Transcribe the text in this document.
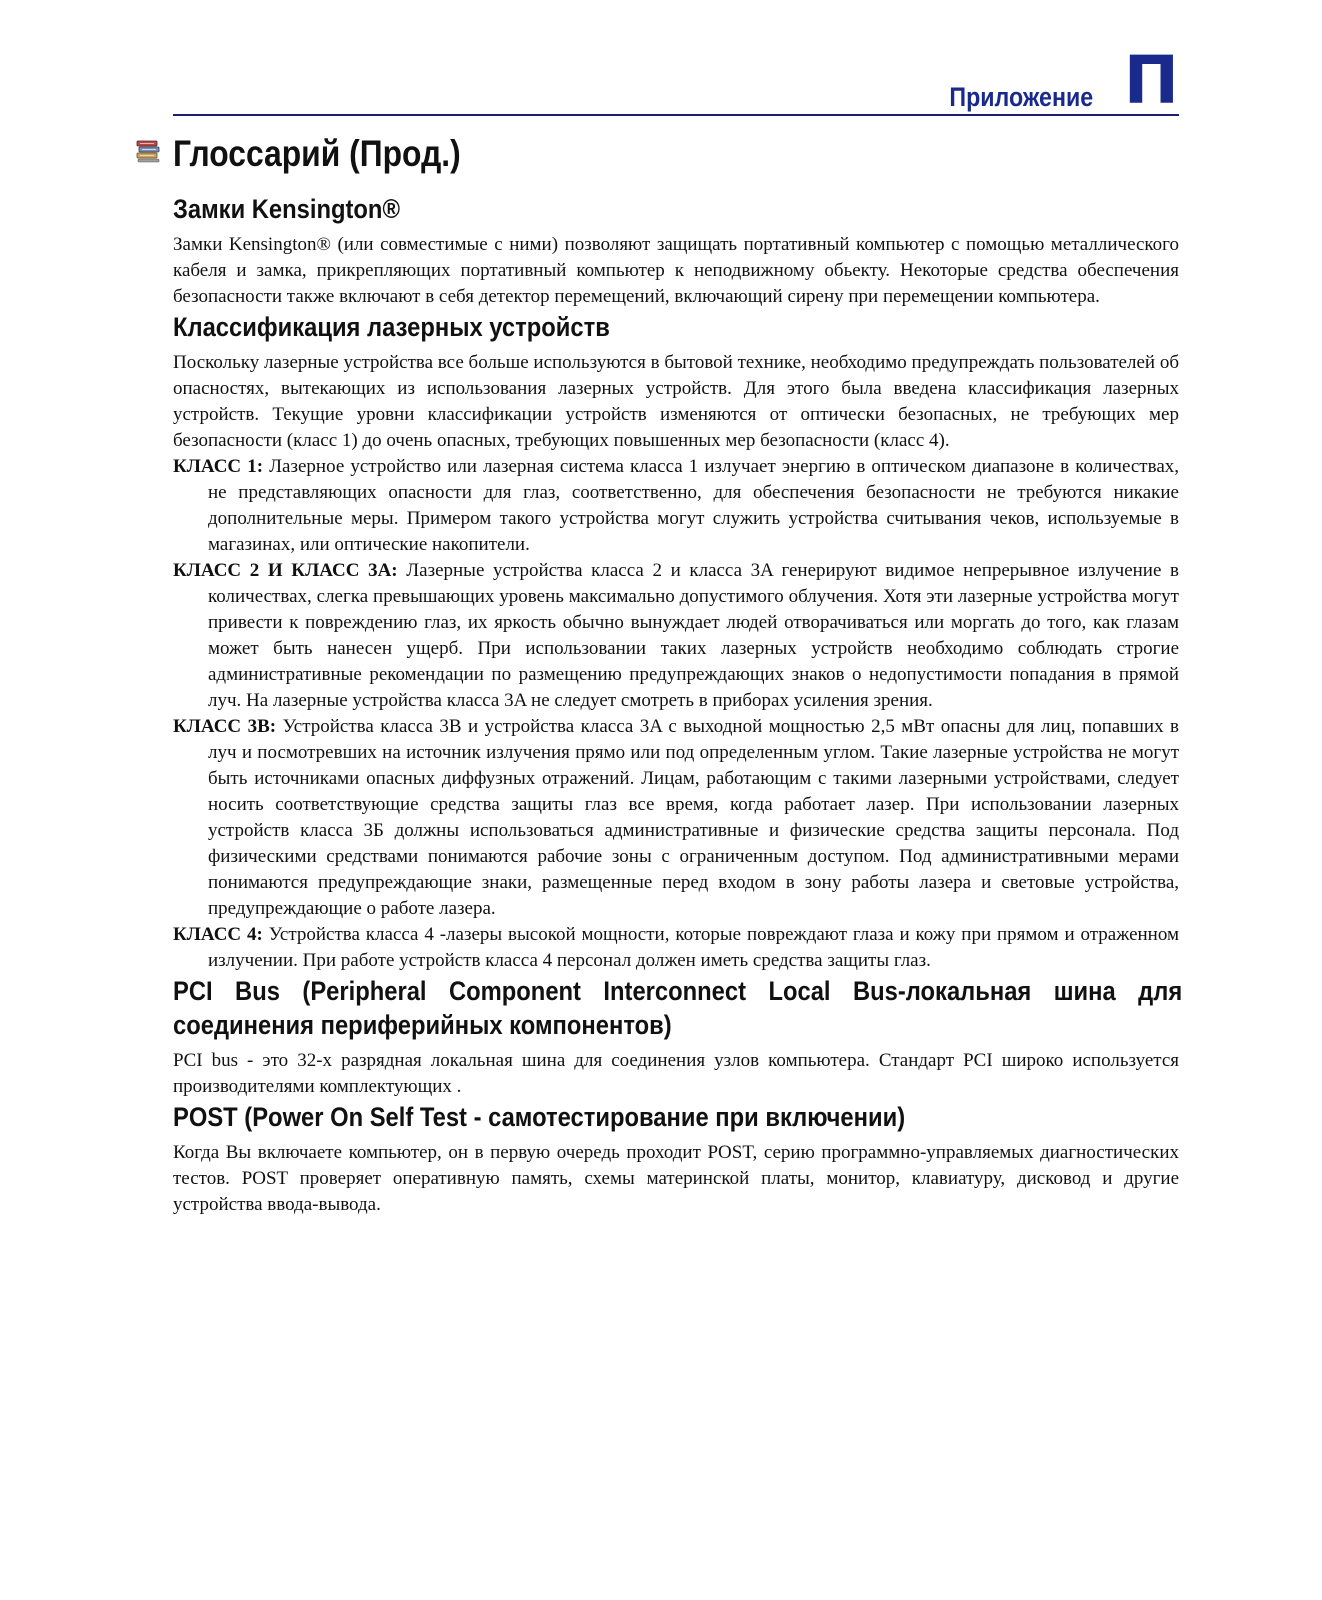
Приложение П
Глоссарий (Прод.)
Замки Kensington®

Замки Kensington® (или совместимые с ними) позволяют защищать портативный компьютер с помощью металлического кабеля и замка, прикрепляющих портативный компьютер к неподвижному обьекту. Некоторые средства обеспечения безопасности также включают в себя детектор перемещений, включающий сирену при перемещении компьютера.

Классификация лазерных устройств

Поскольку лазерные устройства все больше используются в бытовой технике, необходимо предупреждать пользователей об опасностях, вытекающих из использования лазерных устройств. Для этого была введена классификация лазерных устройств. Текущие уровни классификации устройств изменяются от оптически безопасных, не требующих мер безопасности (класс 1) до очень опасных, требующих повышенных мер безопасности (класс 4).

КЛАСС 1: Лазерное устройство или лазерная система класса 1 излучает энергию в оптическом диапазоне в количествах, не представляющих опасности для глаз, соответственно, для обеспечения безопасности не требуются никакие дополнительные меры. Примером такого устройства могут служить устройства считывания чеков, используемые в магазинах, или оптические накопители.

КЛАСС 2 И КЛАСС 3A: Лазерные устройства класса 2 и класса 3A генерируют видимое непрерывное излучение в количествах, слегка превышающих уровень максимально допустимого облучения. Хотя эти лазерные устройства могут привести к повреждению глаз, их яркость обычно вынуждает людей отворачиваться или моргать до того, как глазам может быть нанесен ущерб. При использовании таких лазерных устройств необходимо соблюдать строгие административные рекомендации по размещению предупреждающих знаков о недопустимости попадания в прямой луч. На лазерные устройства класса 3A не следует смотреть в приборах усиления зрения.

КЛАСС 3B: Устройства класса 3B и устройства класса 3A с выходной мощностью 2,5 мВт опасны для лиц, попавших в луч и посмотревших на источник излучения прямо или под определенным углом. Такие лазерные устройства не могут быть источниками опасных диффузных отражений. Лицам, работающим с такими лазерными устройствами, следует носить соответствующие средства защиты глаз все время, когда работает лазер. При использовании лазерных устройств класса 3Б должны использоваться административные и физические средства защиты персонала. Под физическими средствами понимаются рабочие зоны с ограниченным доступом. Под административными мерами понимаются предупреждающие знаки, размещенные перед входом в зону работы лазера и световые устройства, предупреждающие о работе лазера.

КЛАСС 4: Устройства класса 4 -лазеры высокой мощности, которые повреждают глаза и кожу при прямом и отраженном излучении. При работе устройств класса 4 персонал должен иметь средства защиты глаз.

PCI Bus (Peripheral Component Interconnect Local Bus-локальная шина для соединения периферийных компонентов)

PCI bus - это 32-х разрядная локальная шина для соединения узлов компьютера. Стандарт PCI широко используется производителями комплектующих .

POST (Power On Self Test - самотестирование при включении)

Когда Вы включаете компьютер, он в первую очередь проходит POST, серию программно-управляемых диагностических тестов. POST проверяет оперативную память, схемы материнской платы, монитор, клавиатуру, дисковод и другие устройства ввода-вывода.
